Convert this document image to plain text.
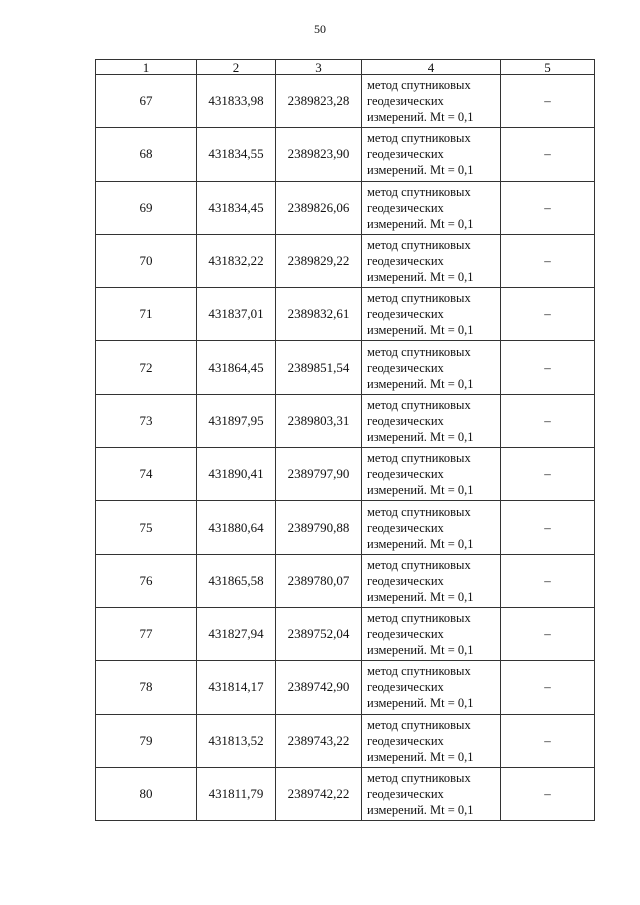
50
1	2	3	4	5
67	431833,98	2389823,28	метод спутниковых
геодезических
измерений. Mt = 0,1	–
68	431834,55	2389823,90	метод спутниковых
геодезических
измерений. Mt = 0,1	–
69	431834,45	2389826,06	метод спутниковых
геодезических
измерений. Mt = 0,1	–
70	431832,22	2389829,22	метод спутниковых
геодезических
измерений. Mt = 0,1	–
71	431837,01	2389832,61	метод спутниковых
геодезических
измерений. Mt = 0,1	–
72	431864,45	2389851,54	метод спутниковых
геодезических
измерений. Mt = 0,1	–
73	431897,95	2389803,31	метод спутниковых
геодезических
измерений. Mt = 0,1	–
74	431890,41	2389797,90	метод спутниковых
геодезических
измерений. Mt = 0,1	–
75	431880,64	2389790,88	метод спутниковых
геодезических
измерений. Mt = 0,1	–
76	431865,58	2389780,07	метод спутниковых
геодезических
измерений. Mt = 0,1	–
77	431827,94	2389752,04	метод спутниковых
геодезических
измерений. Mt = 0,1	–
78	431814,17	2389742,90	метод спутниковых
геодезических
измерений. Mt = 0,1	–
79	431813,52	2389743,22	метод спутниковых
геодезических
измерений. Mt = 0,1	–
80	431811,79	2389742,22	метод спутниковых
геодезических
измерений. Mt = 0,1	–
